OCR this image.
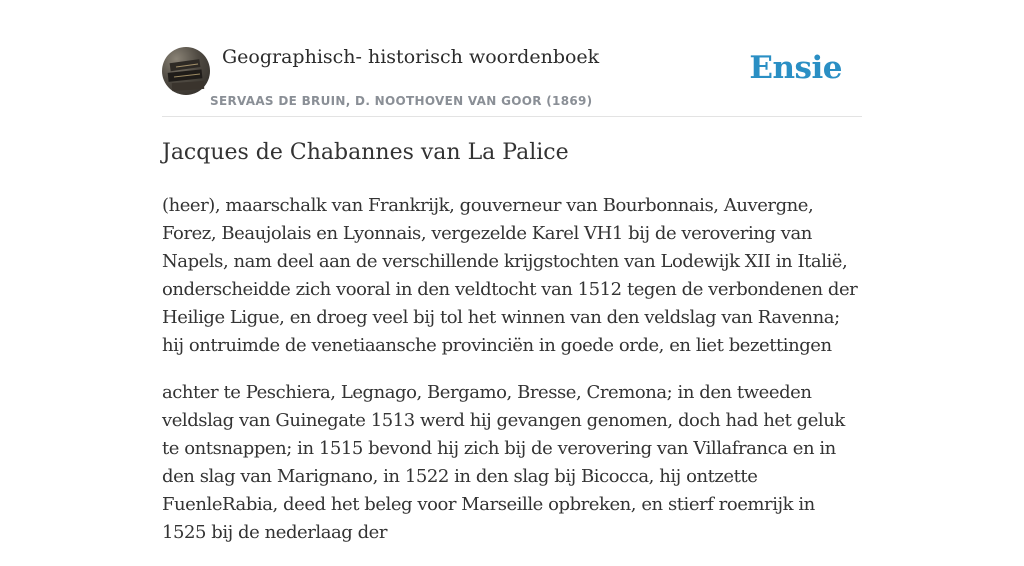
Geographisch- historisch woordenboek
SERVAAS DE BRUIN, D. NOOTHOVEN VAN GOOR (1869)
Ensie
Jacques de Chabannes van La Palice

(heer), maarschalk van Frankrijk, gouverneur van Bourbonnais, Auvergne, Forez, Beaujolais en Lyonnais, vergezelde Karel VH1 bij de verovering van Napels, nam deel aan de verschillende krijgstochten van Lodewijk XII in Italië, onderscheidde zich vooral in den veldtocht van 1512 tegen de verbondenen der Heilige Ligue, en droeg veel bij tol het winnen van den veldslag van Ravenna; hij ontruimde de venetiaansche provinciën in goede orde, en liet bezettingen

achter te Peschiera, Legnago, Bergamo, Bresse, Cremona; in den tweeden veldslag van Guinegate 1513 werd hij gevangen genomen, doch had het geluk te ontsnappen; in 1515 bevond hij zich bij de verovering van Villafranca en in den slag van Marignano, in 1522 in den slag bij Bicocca, hij ontzette FuenleRabia, deed het beleg voor Marseille opbreken, en stierf roemrijk in 1525 bij de nederlaag der
